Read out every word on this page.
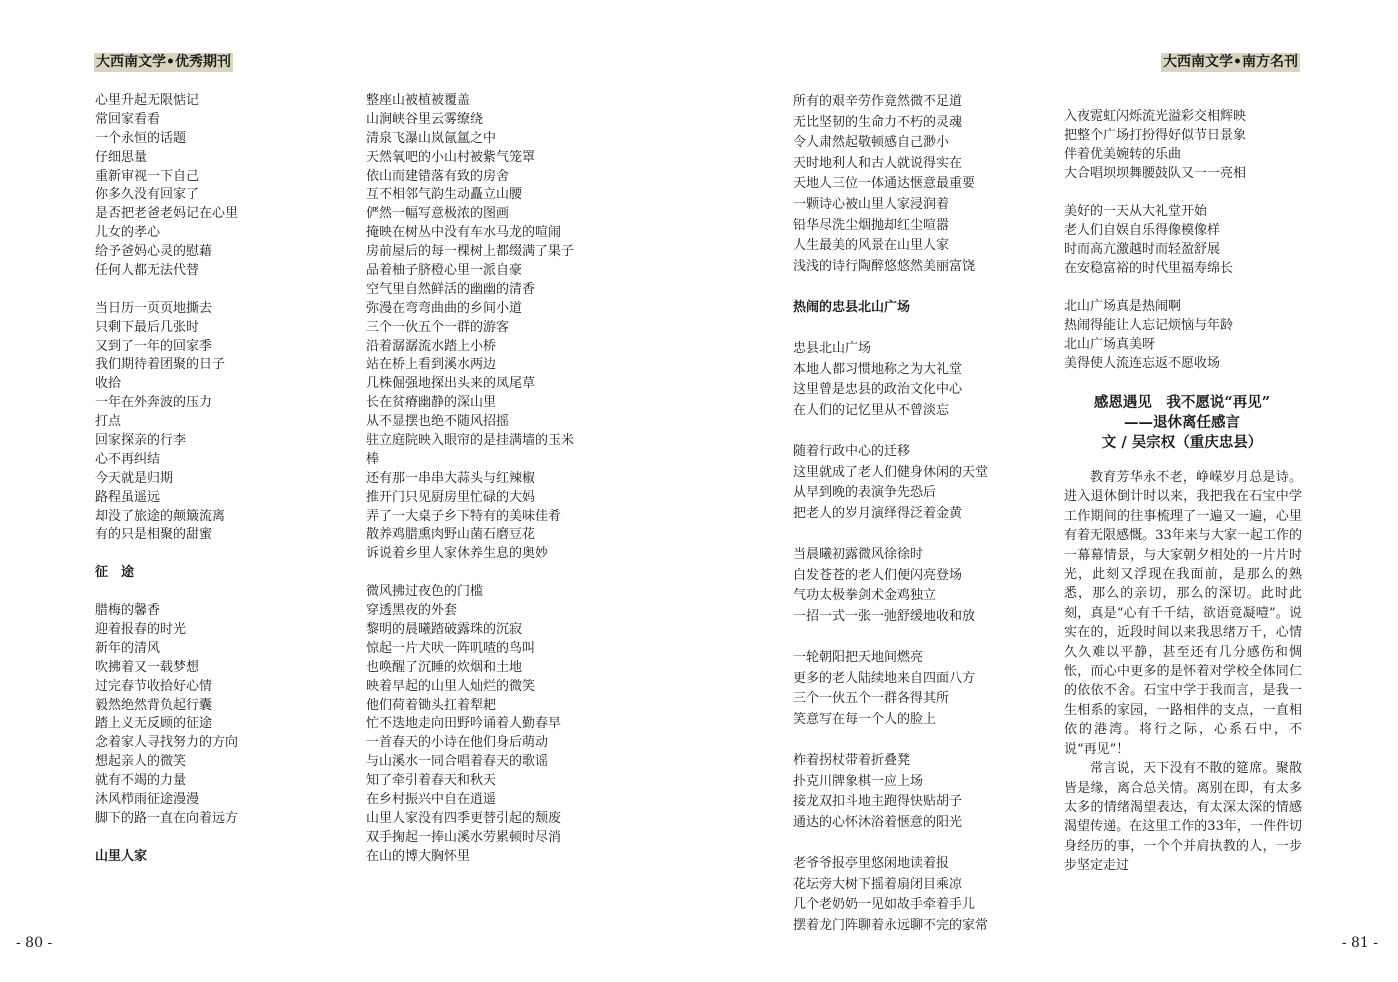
大西南文学•优秀期刊	大西南文学•南方名刊
心里升起无限惦记
常回家看看
一个永恒的话题
仔细思量
重新审视一下自己
你多久没有回家了
是否把老爸老妈记在心里
儿女的孝心
给予爸妈心灵的慰藉
任何人都无法代替
当日历一页页地撕去
只剩下最后几张时
又到了一年的回家季
我们期待着团聚的日子
收拾
一年在外奔波的压力
打点
回家探亲的行李
心不再纠结
今天就是归期
路程虽遥远
却没了旅途的颠簸流离
有的只是相聚的甜蜜
征　途
腊梅的馨香
迎着报春的时光
新年的清风
吹拂着又一载梦想
过完春节收拾好心情
毅然绝然背负起行囊
踏上义无反顾的征途
念着家人寻找努力的方向
想起亲人的微笑
就有不竭的力量
沐风栉雨征途漫漫
脚下的路一直在向着远方
山里人家
整座山被植被覆盖
山涧峡谷里云雾缭绕
清泉飞瀑山岚氤氲之中
天然氧吧的小山村被紫气笼罩
依山而建错落有致的房舍
互不相邻气韵生动矗立山腰
俨然一幅写意极浓的图画
掩映在树丛中没有车水马龙的喧闹
房前屋后的每一棵树上都缀满了果子
品着柚子脐橙心里一派自豪
空气里自然鲜活的幽幽的清香
弥漫在弯弯曲曲的乡间小道
三个一伙五个一群的游客
沿着潺潺流水踏上小桥
站在桥上看到溪水两边
几株倔强地探出头来的凤尾草
长在贫瘠幽静的深山里
从不显摆也绝不随风招摇
驻立庭院映入眼帘的是挂满墙的玉米
棒
还有那一串串大蒜头与红辣椒
推开门只见厨房里忙碌的大妈
弄了一大桌子乡下特有的美味佳肴
散养鸡腊熏肉野山菌石磨豆花
诉说着乡里人家休养生息的奥妙
微风拂过夜色的门槛
穿透黑夜的外套
黎明的晨曦踏破露珠的沉寂
惊起一片犬吠一阵叽喳的鸟叫
也唤醒了沉睡的炊烟和土地
映着早起的山里人灿烂的微笑
他们荷着锄头扛着犁耙
忙不迭地走向田野吟诵着人勤春早
一首春天的小诗在他们身后萌动
与山溪水一同合唱着春天的歌谣
知了牵引着春天和秋天
在乡村振兴中自在逍遥
山里人家没有四季更替引起的颓废
双手掬起一捧山溪水劳累顿时尽消
在山的博大胸怀里
所有的艰辛劳作竟然微不足道
无比坚韧的生命力不朽的灵魂
令人肃然起敬顿感自己渺小
天时地利人和古人就说得实在
天地人三位一体通达惬意最重要
一颗诗心被山里人家浸润着
铅华尽洗尘烟抛却红尘喧嚣
人生最美的风景在山里人家
浅浅的诗行陶醉悠悠然美丽富饶
热闹的忠县北山广场
忠县北山广场
本地人都习惯地称之为大礼堂
这里曾是忠县的政治文化中心
在人们的记忆里从不曾淡忘
随着行政中心的迁移
这里就成了老人们健身休闲的天堂
从早到晚的表演争先恐后
把老人的岁月演绎得泛着金黄
当晨曦初露微风徐徐时
白发苍苍的老人们便闪亮登场
气功太极拳剑术金鸡独立
一招一式一张一弛舒缓地收和放
一轮朝阳把天地间燃亮
更多的老人陆续地来自四面八方
三个一伙五个一群各得其所
笑意写在每一个人的脸上
柞着拐杖带着折叠凳
扑克川牌象棋一应上场
接龙双扣斗地主跑得快贴胡子
通达的心怀沐浴着惬意的阳光
老爷爷报亭里悠闲地读着报
花坛旁大树下摇着扇闭目乘凉
几个老奶奶一见如故手牵着手儿
摆着龙门阵聊着永远聊不完的家常
入夜霓虹闪烁流光溢彩交相辉映
把整个广场打扮得好似节日景象
伴着优美婉转的乐曲
大合唱坝坝舞腰鼓队又一一亮相
美好的一天从大礼堂开始
老人们自娱自乐得像模像样
时而高亢激越时而轻盈舒展
在安稳富裕的时代里福寿绵长
北山广场真是热闹啊
热闹得能让人忘记烦恼与年龄
北山广场真美呀
美得使人流连忘返不愿收场
感恩遇见　我不愿说“再见”
——退休离任感言
文 / 吴宗权（重庆忠县）

教育芳华永不老，峥嵘岁月总是诗。进入退休倒计时以来，我把我在石宝中学工作期间的往事梳理了一遍又一遍，心里有着无限感慨。33年来与大家一起工作的一幕幕情景，与大家朝夕相处的一片片时光，此刻又浮现在我面前，是那么的熟悉，那么的亲切，那么的深切。此时此刻，真是“心有千千结，欲语竟凝噎”。说实在的，近段时间以来我思绪万千，心情久久难以平静，甚至还有几分感伤和惆怅，而心中更多的是怀着对学校全体同仁的依依不舍。石宝中学于我而言，是我一生相系的家园，一路相伴的支点，一直相依的港湾。将行之际，心系石中，不说“再见”！

常言说，天下没有不散的筵席。聚散皆是缘，离合总关情。离别在即，有太多太多的情绪渴望表达，有太深太深的情感渴望传递。在这里工作的33年，一件件切身经历的事，一个个并肩执教的人，一步步坚定走过

- 80 -	- 81 -
